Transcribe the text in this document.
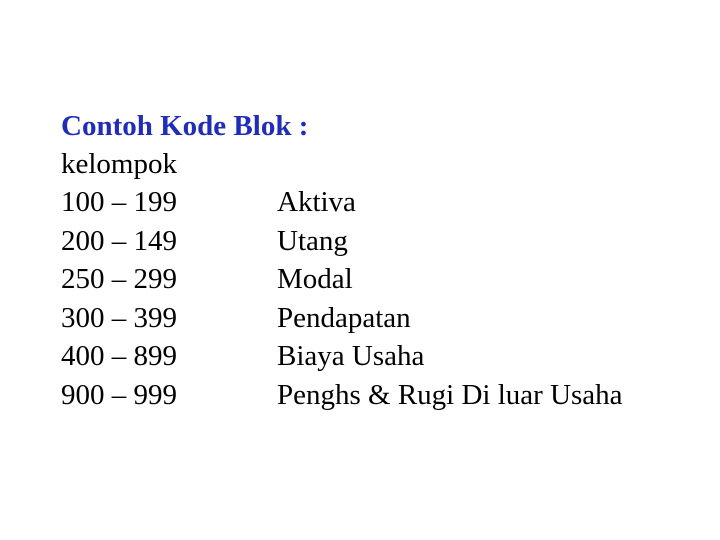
Contoh Kode Blok :
kelompok
100 – 199	Aktiva
200 – 149	Utang
250 – 299	Modal
300 – 399	Pendapatan
400 – 899	Biaya Usaha
900 – 999	Penghs & Rugi Di luar Usaha
